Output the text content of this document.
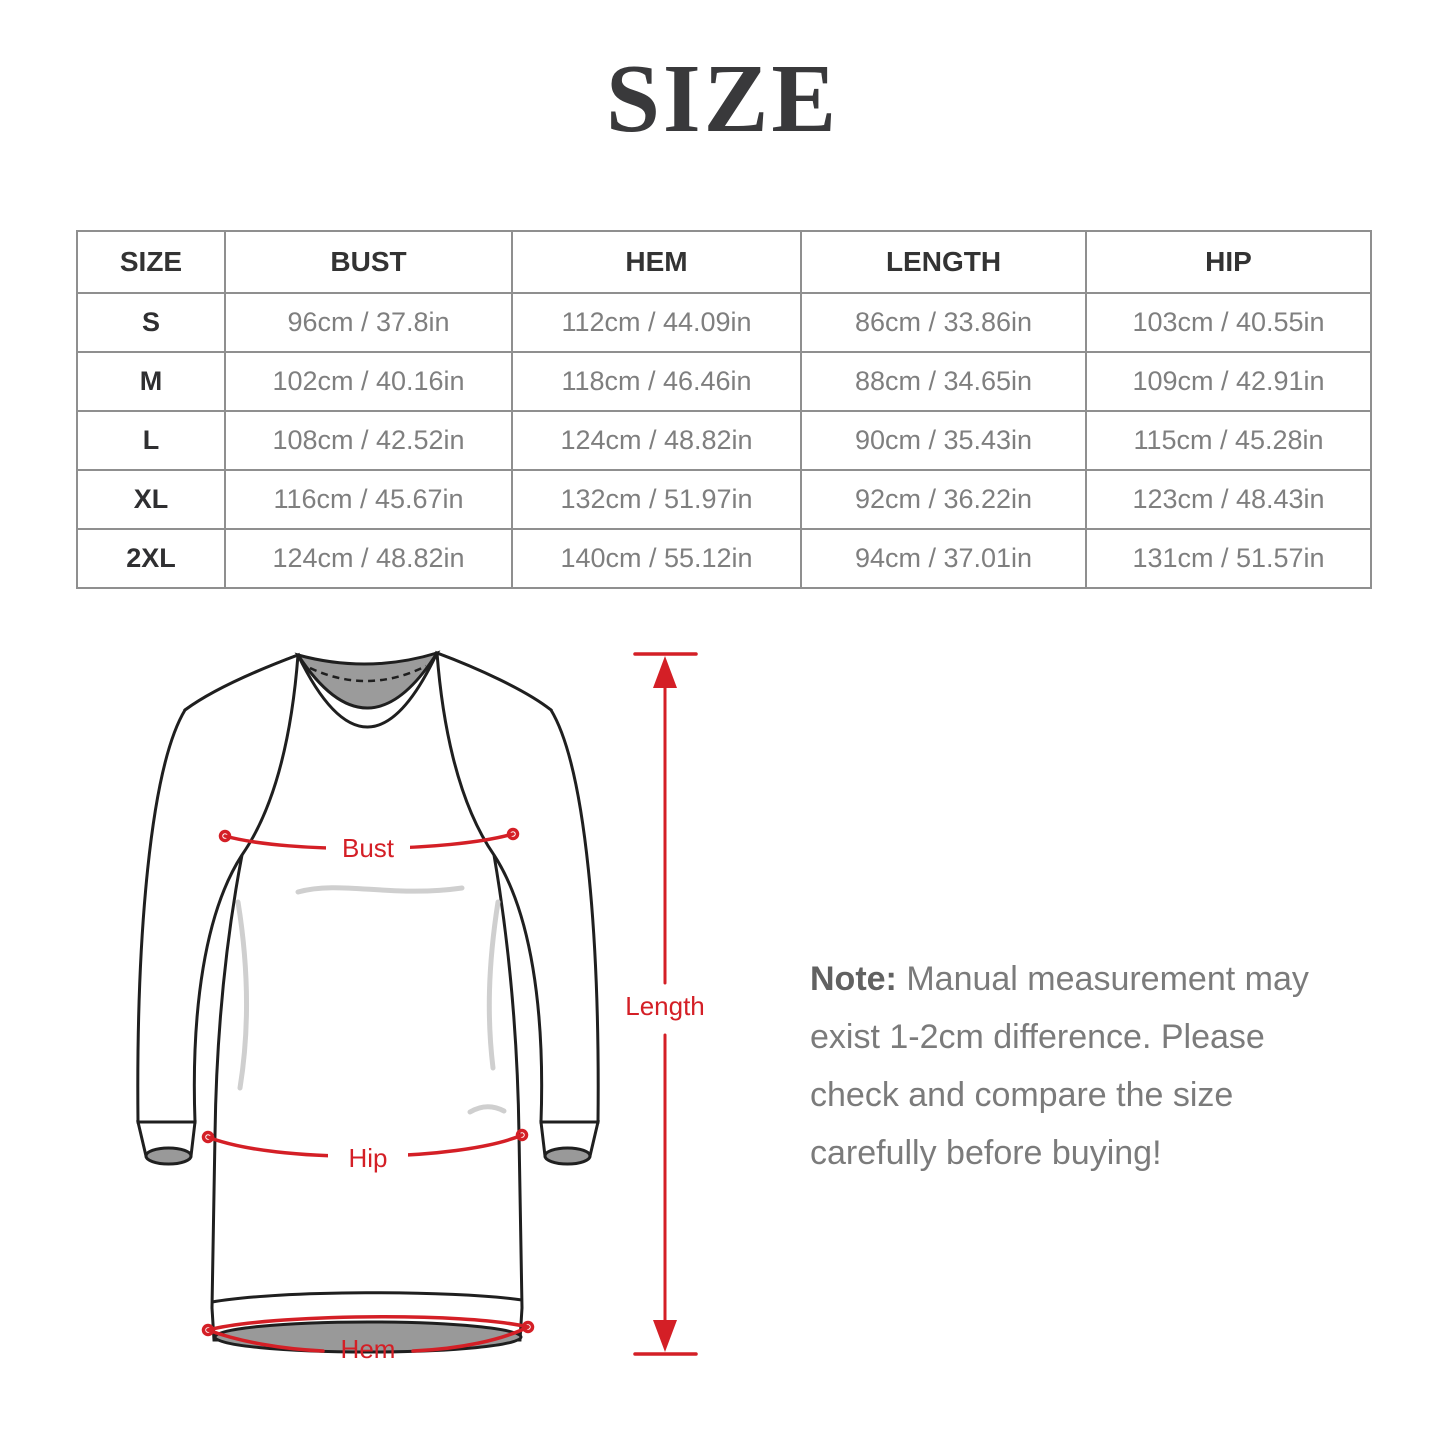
SIZE
SIZE	BUST	HEM	LENGTH	HIP
S	96cm / 37.8in	112cm / 44.09in	86cm / 33.86in	103cm / 40.55in
M	102cm / 40.16in	118cm / 46.46in	88cm / 34.65in	109cm / 42.91in
L	108cm / 42.52in	124cm / 48.82in	90cm / 35.43in	115cm / 45.28in
XL	116cm / 45.67in	132cm / 51.97in	92cm / 36.22in	123cm / 48.43in
2XL	124cm / 48.82in	140cm / 55.12in	94cm / 37.01in	131cm / 51.57in
Bust
Hip
Hem
Length

Note: Manual measurement may
exist 1-2cm difference. Please
check and compare the size
carefully before buying!
